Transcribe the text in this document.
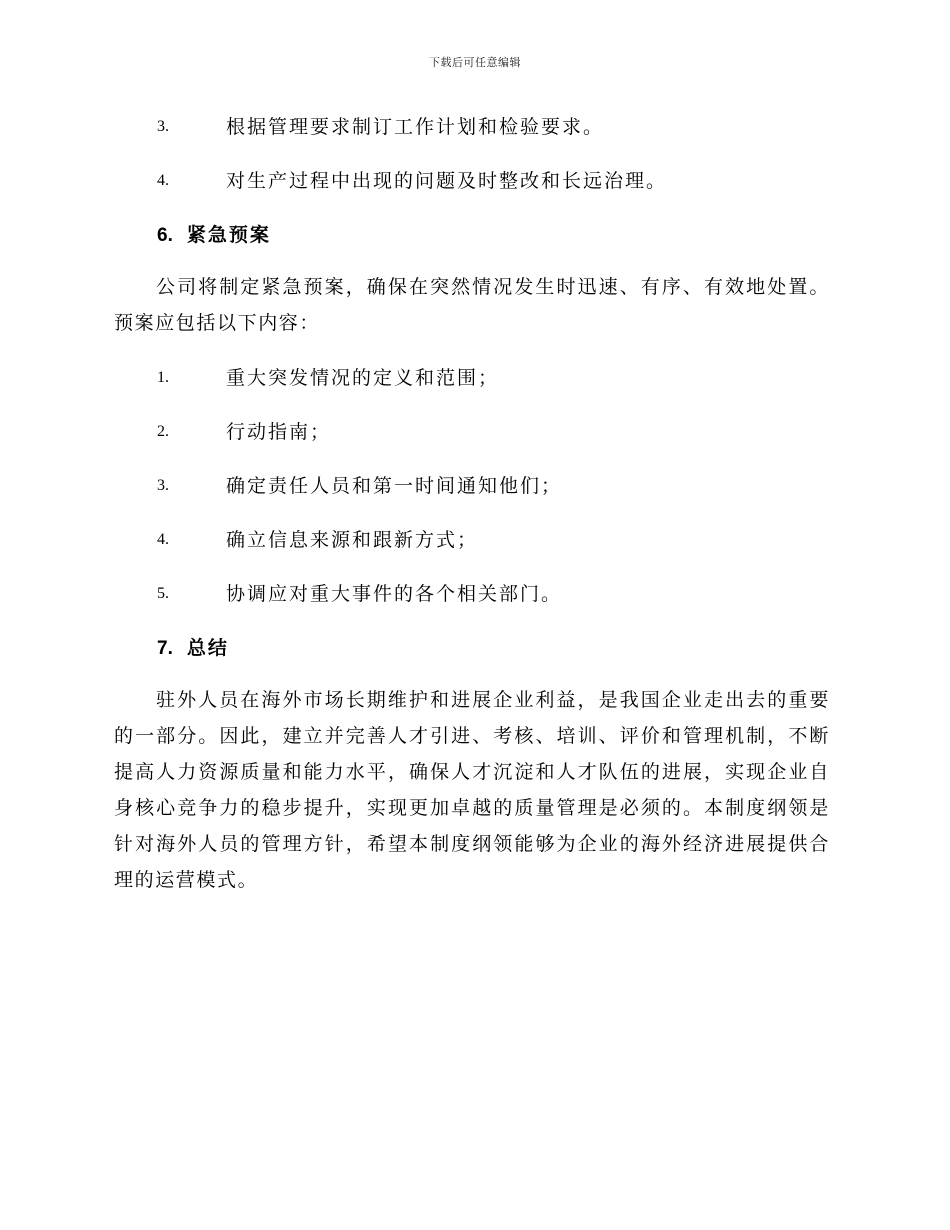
下载后可任意编辑
3.	根据管理要求制订工作计划和检验要求。
4.	对生产过程中出现的问题及时整改和长远治理。
6. 紧急预案

公司将制定紧急预案，确保在突然情况发生时迅速、有序、有效地处置。预案应包括以下内容：

1.	重大突发情况的定义和范围；
2.	行动指南；
3.	确定责任人员和第一时间通知他们；
4.	确立信息来源和跟新方式；
5.	协调应对重大事件的各个相关部门。
7. 总结

驻外人员在海外市场长期维护和进展企业利益，是我国企业走出去的重要的一部分。因此，建立并完善人才引进、考核、培训、评价和管理机制，不断提高人力资源质量和能力水平，确保人才沉淀和人才队伍的进展，实现企业自身核心竞争力的稳步提升，实现更加卓越的质量管理是必须的。本制度纲领是针对海外人员的管理方针，希望本制度纲领能够为企业的海外经济进展提供合理的运营模式。
